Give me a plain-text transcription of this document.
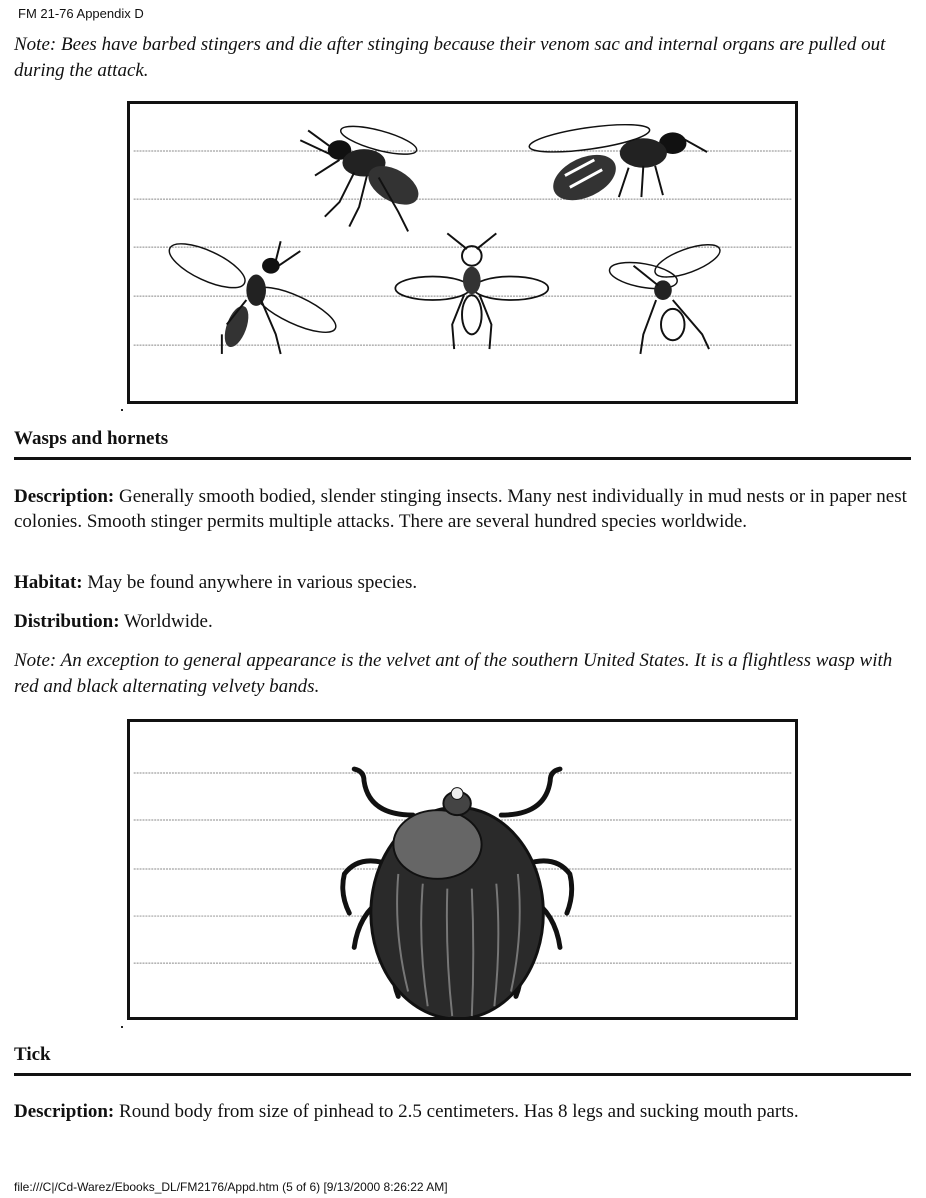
FM 21-76 Appendix D
Note: Bees have barbed stingers and die after stinging because their venom sac and internal organs are pulled out during the attack.
Wasps and hornets
Description: Generally smooth bodied, slender stinging insects. Many nest individually in mud nests or in paper nest colonies. Smooth stinger permits multiple attacks. There are several hundred species worldwide.
Habitat: May be found anywhere in various species.
Distribution: Worldwide.
Note: An exception to general appearance is the velvet ant of the southern United States. It is a flightless wasp with red and black alternating velvety bands.
Tick
Description: Round body from size of pinhead to 2.5 centimeters. Has 8 legs and sucking mouth parts.
file:///C|/Cd-Warez/Ebooks_DL/FM2176/Appd.htm (5 of 6) [9/13/2000 8:26:22 AM]
